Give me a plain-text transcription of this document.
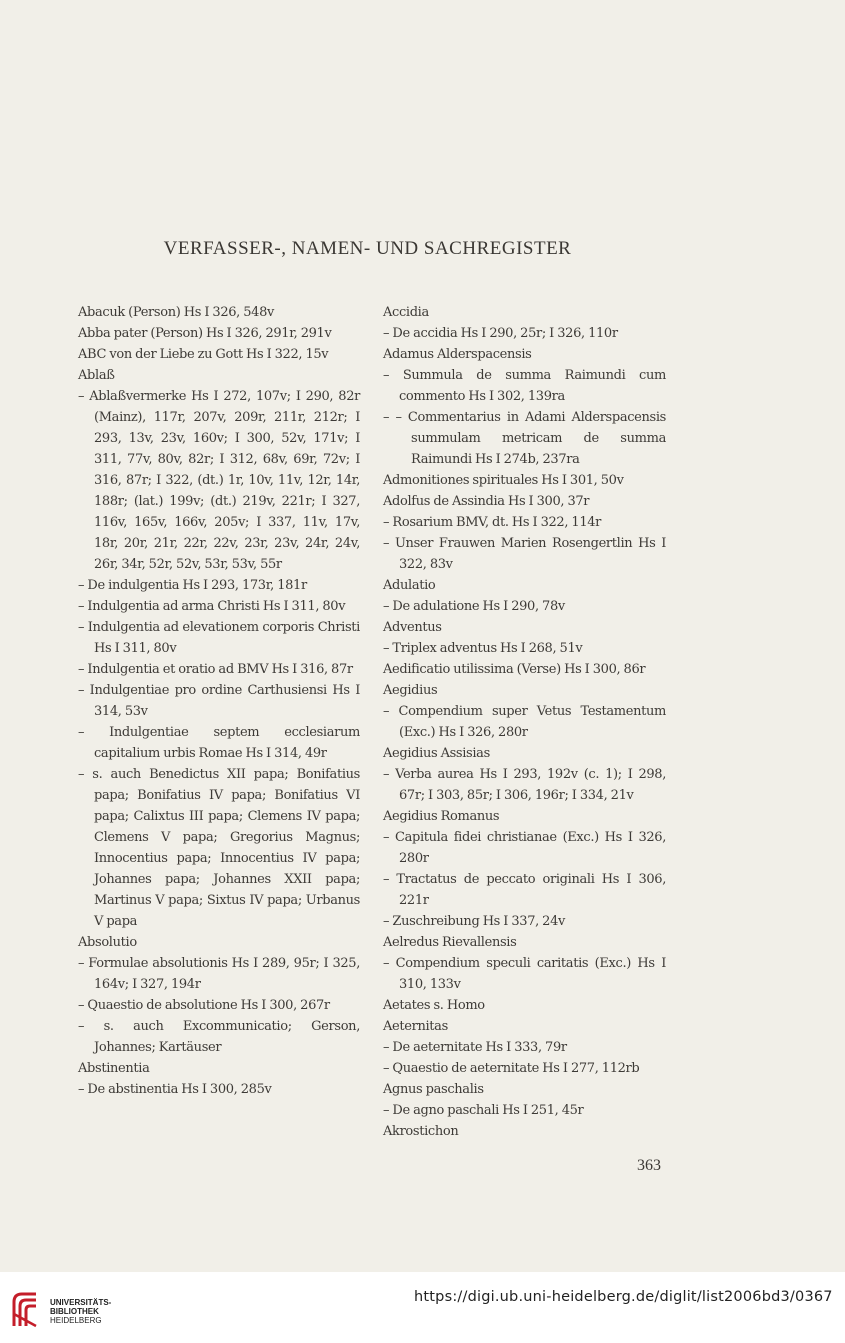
VERFASSER-, NAMEN- UND SACHREGISTER

Abacuk (Person) Hs I 326, 548v

Abba pater (Person) Hs I 326, 291r, 291v

ABC von der Liebe zu Gott Hs I 322, 15v

Ablaß

– Ablaßvermerke Hs I 272, 107v; I 290, 82r (Mainz), 117r, 207v, 209r, 211r, 212r; I 293, 13v, 23v, 160v; I 300, 52v, 171v; I 311, 77v, 80v, 82r; I 312, 68v, 69r, 72v; I 316, 87r; I 322, (dt.) 1r, 10v, 11v, 12r, 14r, 188r; (lat.) 199v; (dt.) 219v, 221r; I 327, 116v, 165v, 166v, 205v; I 337, 11v, 17v, 18r, 20r, 21r, 22r, 22v, 23r, 23v, 24r, 24v, 26r, 34r, 52r, 52v, 53r, 53v, 55r

– De indulgentia Hs I 293, 173r, 181r

– Indulgentia ad arma Christi Hs I 311, 80v

– Indulgentia ad elevationem corporis Christi Hs I 311, 80v

– Indulgentia et oratio ad BMV Hs I 316, 87r

– Indulgentiae pro ordine Carthusiensi Hs I 314, 53v

– Indulgentiae septem ecclesiarum capitalium urbis Romae Hs I 314, 49r

– s. auch Benedictus XII papa; Bonifatius papa; Bonifatius IV papa; Bonifatius VI papa; Calixtus III papa; Clemens IV papa; Clemens V papa; Gregorius Magnus; Innocentius papa; Innocentius IV papa; Johannes papa; Johannes XXII papa; Martinus V papa; Sixtus IV papa; Urbanus V papa

Absolutio

– Formulae absolutionis Hs I 289, 95r; I 325, 164v; I 327, 194r

– Quaestio de absolutione Hs I 300, 267r

– s. auch Excommunicatio; Gerson, Johannes; Kartäuser

Abstinentia

– De abstinentia Hs I 300, 285v

Accidia

– De accidia Hs I 290, 25r; I 326, 110r

Adamus Alderspacensis

– Summula de summa Raimundi cum commento Hs I 302, 139ra

– – Commentarius in Adami Alderspacensis summulam metricam de summa Raimundi Hs I 274b, 237ra

Admonitiones spirituales Hs I 301, 50v

Adolfus de Assindia Hs I 300, 37r

– Rosarium BMV, dt. Hs I 322, 114r

– Unser Frauwen Marien Rosengertlin Hs I 322, 83v

Adulatio

– De adulatione Hs I 290, 78v

Adventus

– Triplex adventus Hs I 268, 51v

Aedificatio utilissima (Verse) Hs I 300, 86r

Aegidius

– Compendium super Vetus Testamentum (Exc.) Hs I 326, 280r

Aegidius Assisias

– Verba aurea Hs I 293, 192v (c. 1); I 298, 67r; I 303, 85r; I 306, 196r; I 334, 21v

Aegidius Romanus

– Capitula fidei christianae (Exc.) Hs I 326, 280r

– Tractatus de peccato originali Hs I 306, 221r

– Zuschreibung Hs I 337, 24v

Aelredus Rievallensis

– Compendium speculi caritatis (Exc.) Hs I 310, 133v

Aetates s. Homo

Aeternitas

– De aeternitate Hs I 333, 79r

– Quaestio de aeternitate Hs I 277, 112rb

Agnus paschalis

– De agno paschali Hs I 251, 45r

Akrostichon

363
UNIVERSITÄTS-
BIBLIOTHEK
HEIDELBERG
https://digi.ub.uni-heidelberg.de/diglit/list2006bd3/0367
